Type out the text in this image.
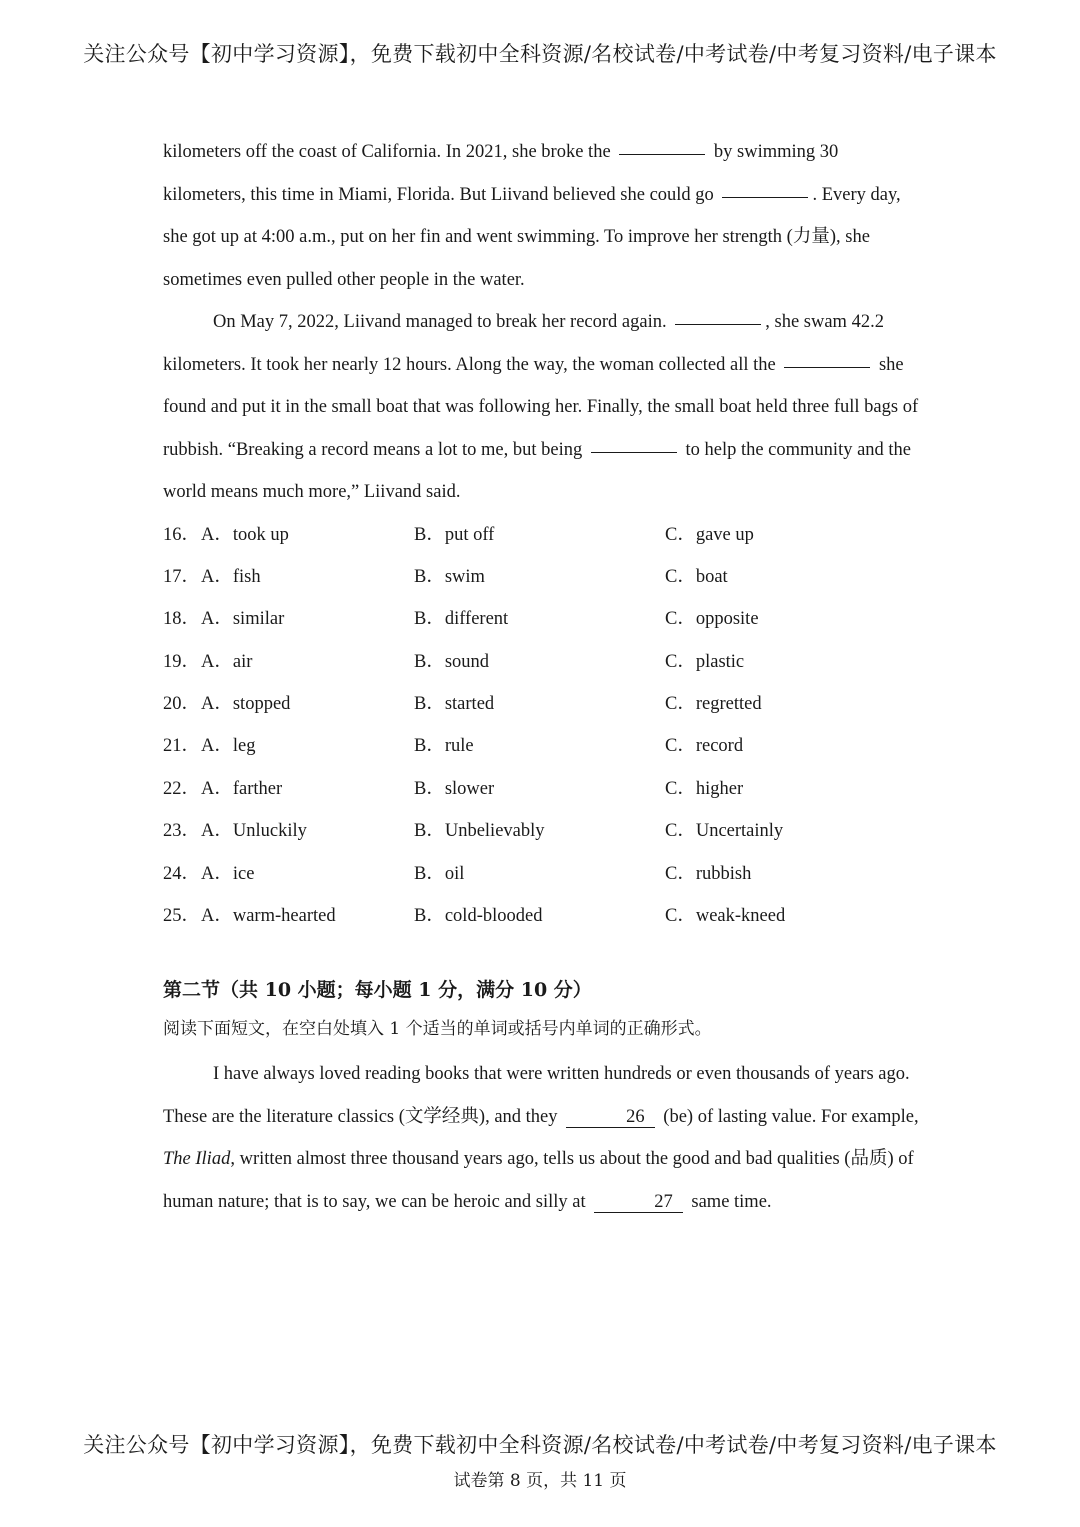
关注公众号【初中学习资源】，免费下载初中全科资源/名校试卷/中考试卷/中考复习资料/电子课本

kilometers off the coast of California. In 2021, she broke the	by swimming 30 kilometers, this time in Miami, Florida. But Liivand believed she could go	. Every day, she got up at 4:00 a.m., put on her fin and went swimming. To improve her strength (力量), she sometimes even pulled other people in the water.

On May 7, 2022, Liivand managed to break her record again.	, she swam 42.2 kilometers. It took her nearly 12 hours. Along the way, the woman collected all the	she found and put it in the small boat that was following her. Finally, the small boat held three full bags of rubbish. “Breaking a record means a lot to me, but being	to help the community and the world means much more,” Liivand said.

16． A．took up	B．put off	C．gave up
17． A．fish	B．swim	C．boat
18． A．similar	B．different	C．opposite
19． A．air	B．sound	C．plastic
20． A．stopped	B．started	C．regretted
21． A．leg	B．rule	C．record
22． A．farther	B．slower	C．higher
23． A．Unluckily	B．Unbelievably	C．Uncertainly
24． A．ice	B．oil	C．rubbish
25． A．warm-hearted	B．cold-blooded	C．weak-kneed
第二节（共 10 小题；每小题 1 分，满分 10 分）
阅读下面短文，在空白处填入 1 个适当的单词或括号内单词的正确形式。

I have always loved reading books that were written hundreds or even thousands of years ago. These are the literature classics (文学经典), and they	26 (be) of lasting value. For example, The Iliad, written almost three thousand years ago, tells us about the good and bad qualities (品质) of human nature; that is to say, we can be heroic and silly at	27 same time.

关注公众号【初中学习资源】，免费下载初中全科资源/名校试卷/中考试卷/中考复习资料/电子课本
试卷第 8 页，共 11 页
